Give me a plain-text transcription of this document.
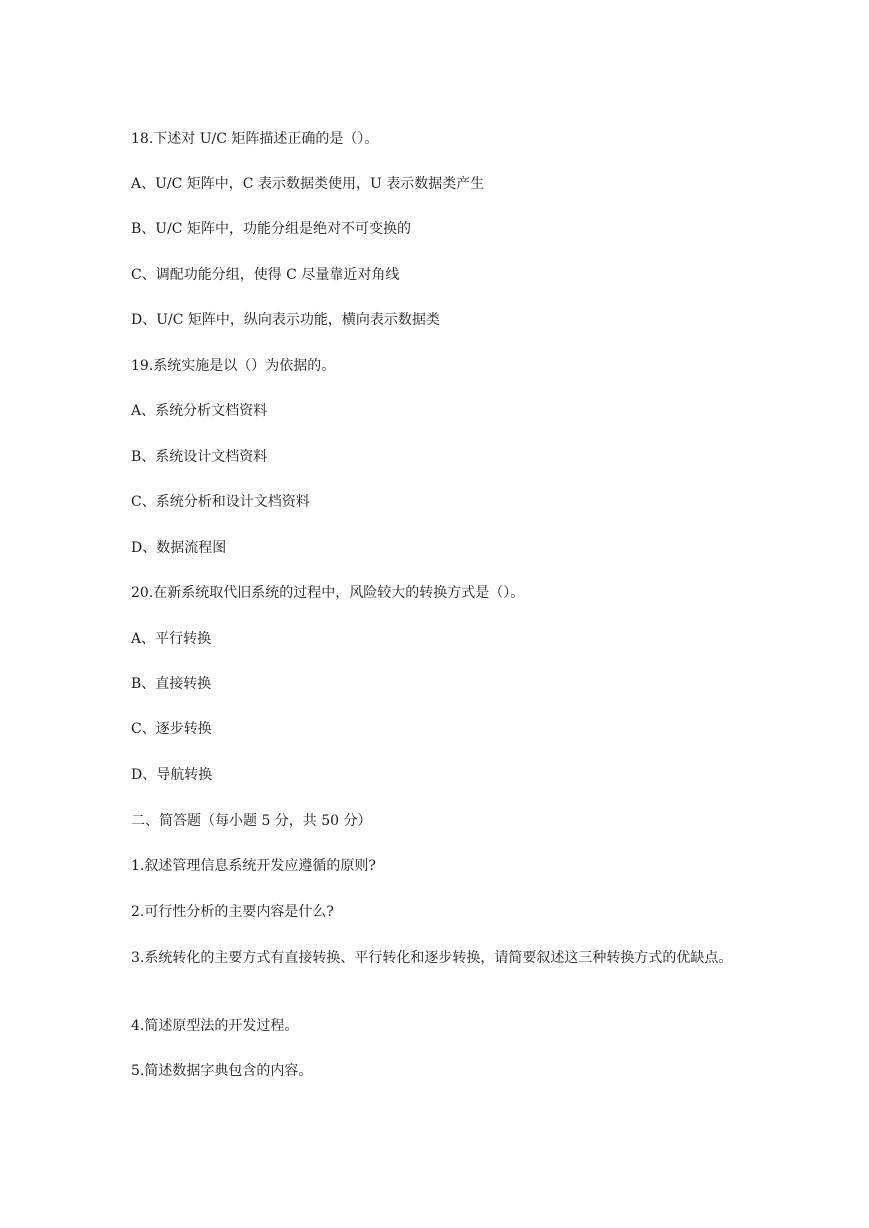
18.下述对 U/C 矩阵描述正确的是（）。
A、U/C 矩阵中，C 表示数据类使用，U 表示数据类产生
B、U/C 矩阵中，功能分组是绝对不可变换的
C、调配功能分组，使得 C 尽量靠近对角线
D、U/C 矩阵中，纵向表示功能，横向表示数据类
19.系统实施是以（）为依据的。
A、系统分析文档资料
B、系统设计文档资料
C、系统分析和设计文档资料
D、数据流程图
20.在新系统取代旧系统的过程中，风险较大的转换方式是（）。
A、平行转换
B、直接转换
C、逐步转换
D、导航转换
二、简答题（每小题 5 分，共 50 分）
1.叙述管理信息系统开发应遵循的原则?
2.可行性分析的主要内容是什么?
3.系统转化的主要方式有直接转换、平行转化和逐步转换，请简要叙述这三种转换方式的优缺点。
4.简述原型法的开发过程。
5.简述数据字典包含的内容。
